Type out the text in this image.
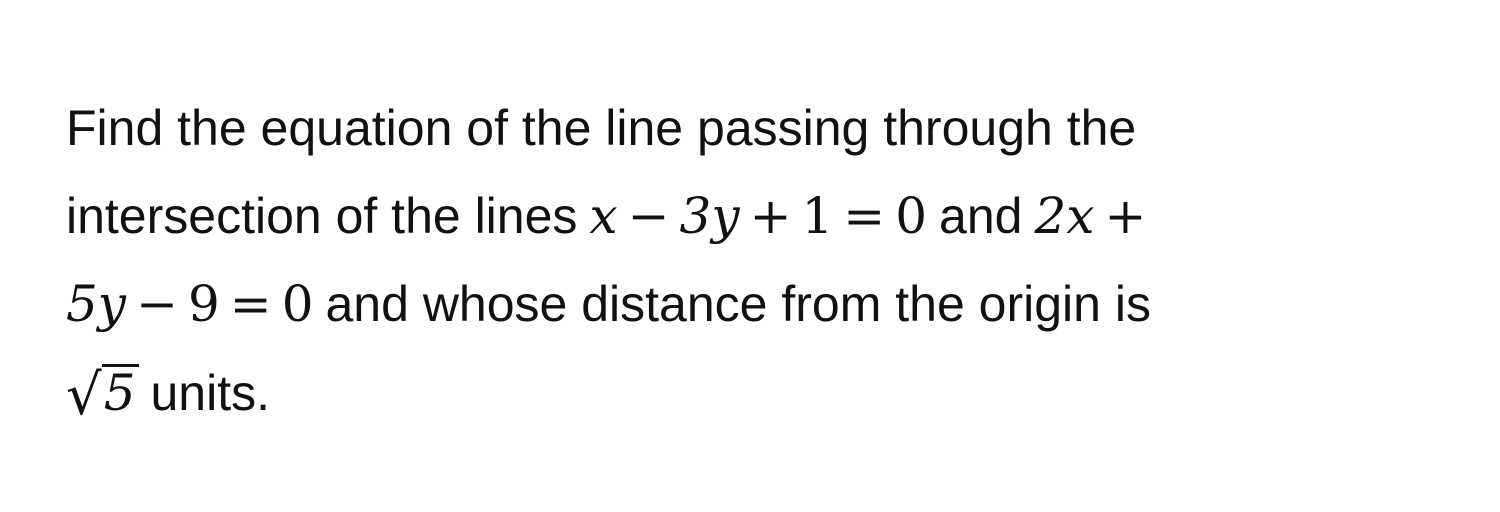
Find the equation of the line passing through the
intersection of the lines x − 3y + 1 = 0 and 2x +
5y − 9 = 0 and whose distance from the origin is
√5 units.
